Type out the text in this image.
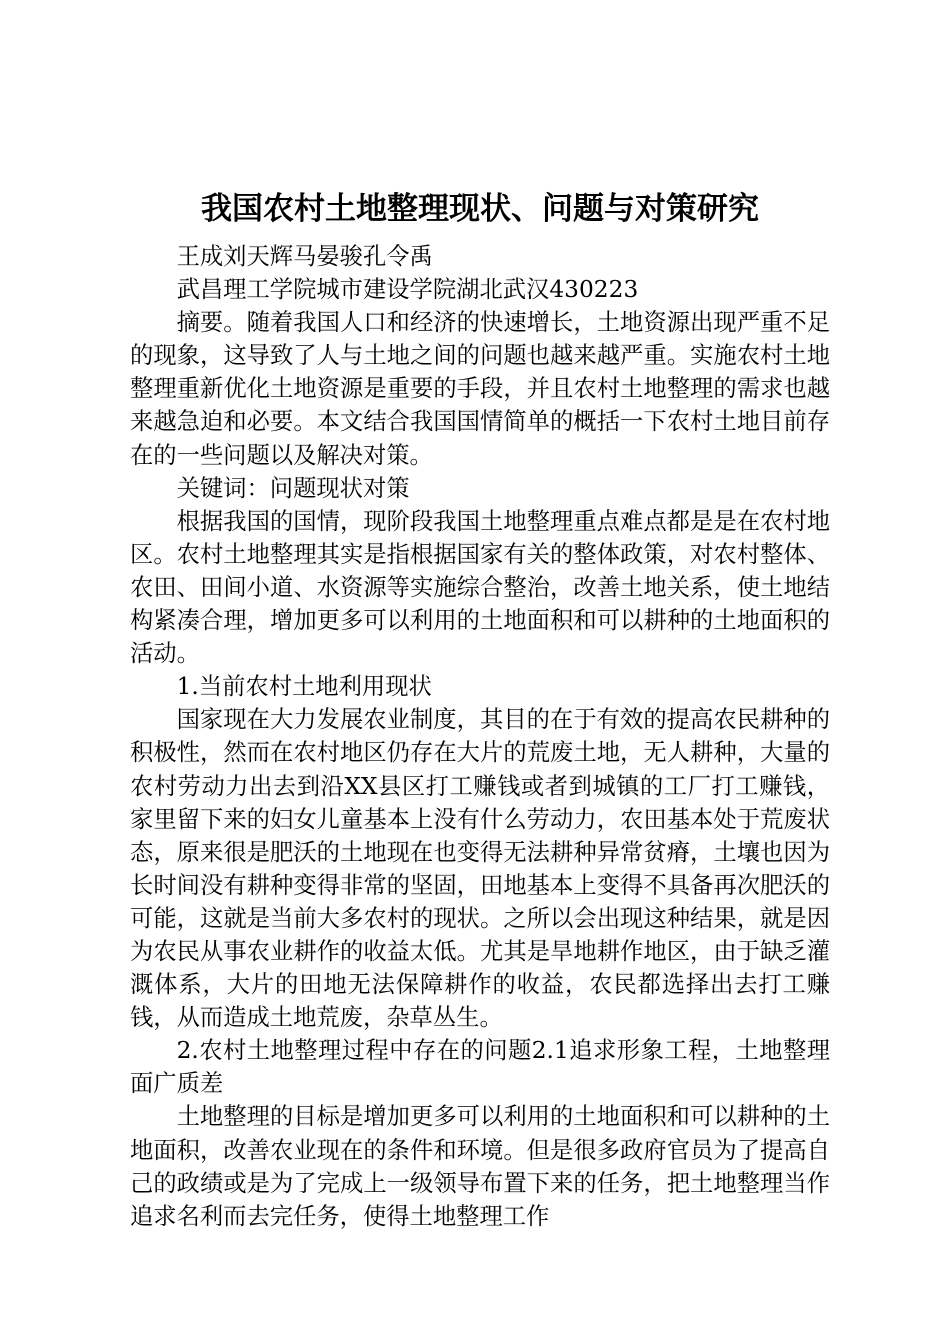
我国农村土地整理现状、问题与对策研究

王成刘天辉马晏骏孔令禹

武昌理工学院城市建设学院湖北武汉430223

摘要。随着我国人口和经济的快速增长，土地资源出现严重不足的现象，这导致了人与土地之间的问题也越来越严重。实施农村土地整理重新优化土地资源是重要的手段，并且农村土地整理的需求也越来越急迫和必要。本文结合我国国情简单的概括一下农村土地目前存在的一些问题以及解决对策。

关键词：问题现状对策

根据我国的国情，现阶段我国土地整理重点难点都是是在农村地区。农村土地整理其实是指根据国家有关的整体政策，对农村整体、农田、田间小道、水资源等实施综合整治，改善土地关系，使土地结构紧凑合理，增加更多可以利用的土地面积和可以耕种的土地面积的活动。

1.当前农村土地利用现状

国家现在大力发展农业制度，其目的在于有效的提高农民耕种的积极性，然而在农村地区仍存在大片的荒废土地，无人耕种，大量的农村劳动力出去到沿XX县区打工赚钱或者到城镇的工厂打工赚钱，家里留下来的妇女儿童基本上没有什么劳动力，农田基本处于荒废状态，原来很是肥沃的土地现在也变得无法耕种异常贫瘠，土壤也因为长时间没有耕种变得非常的坚固，田地基本上变得不具备再次肥沃的可能，这就是当前大多农村的现状。之所以会出现这种结果，就是因为农民从事农业耕作的收益太低。尤其是旱地耕作地区，由于缺乏灌溉体系，大片的田地无法保障耕作的收益，农民都选择出去打工赚钱，从而造成土地荒废，杂草丛生。

2.农村土地整理过程中存在的问题2.1追求形象工程，土地整理面广质差

土地整理的目标是增加更多可以利用的土地面积和可以耕种的土地面积，改善农业现在的条件和环境。但是很多政府官员为了提高自己的政绩或是为了完成上一级领导布置下来的任务，把土地整理当作追求名利而去完任务，使得土地整理工作
